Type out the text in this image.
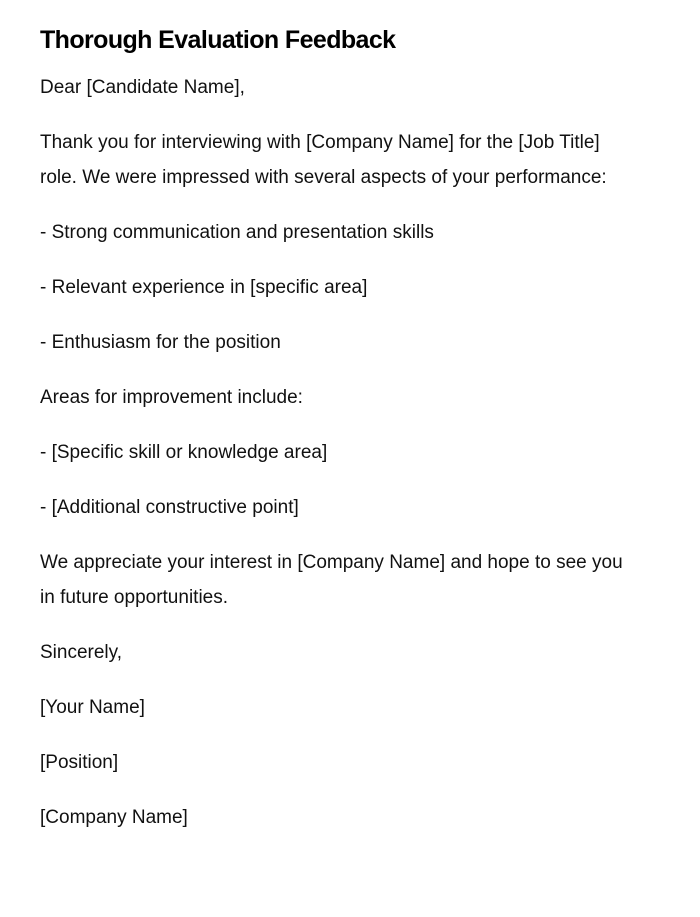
Thorough Evaluation Feedback

Dear [Candidate Name],

Thank you for interviewing with [Company Name] for the [Job Title] role. We were impressed with several aspects of your performance:

- Strong communication and presentation skills

- Relevant experience in [specific area]

- Enthusiasm for the position

Areas for improvement include:

- [Specific skill or knowledge area]

- [Additional constructive point]

We appreciate your interest in [Company Name] and hope to see you in future opportunities.

Sincerely,

[Your Name]

[Position]

[Company Name]
